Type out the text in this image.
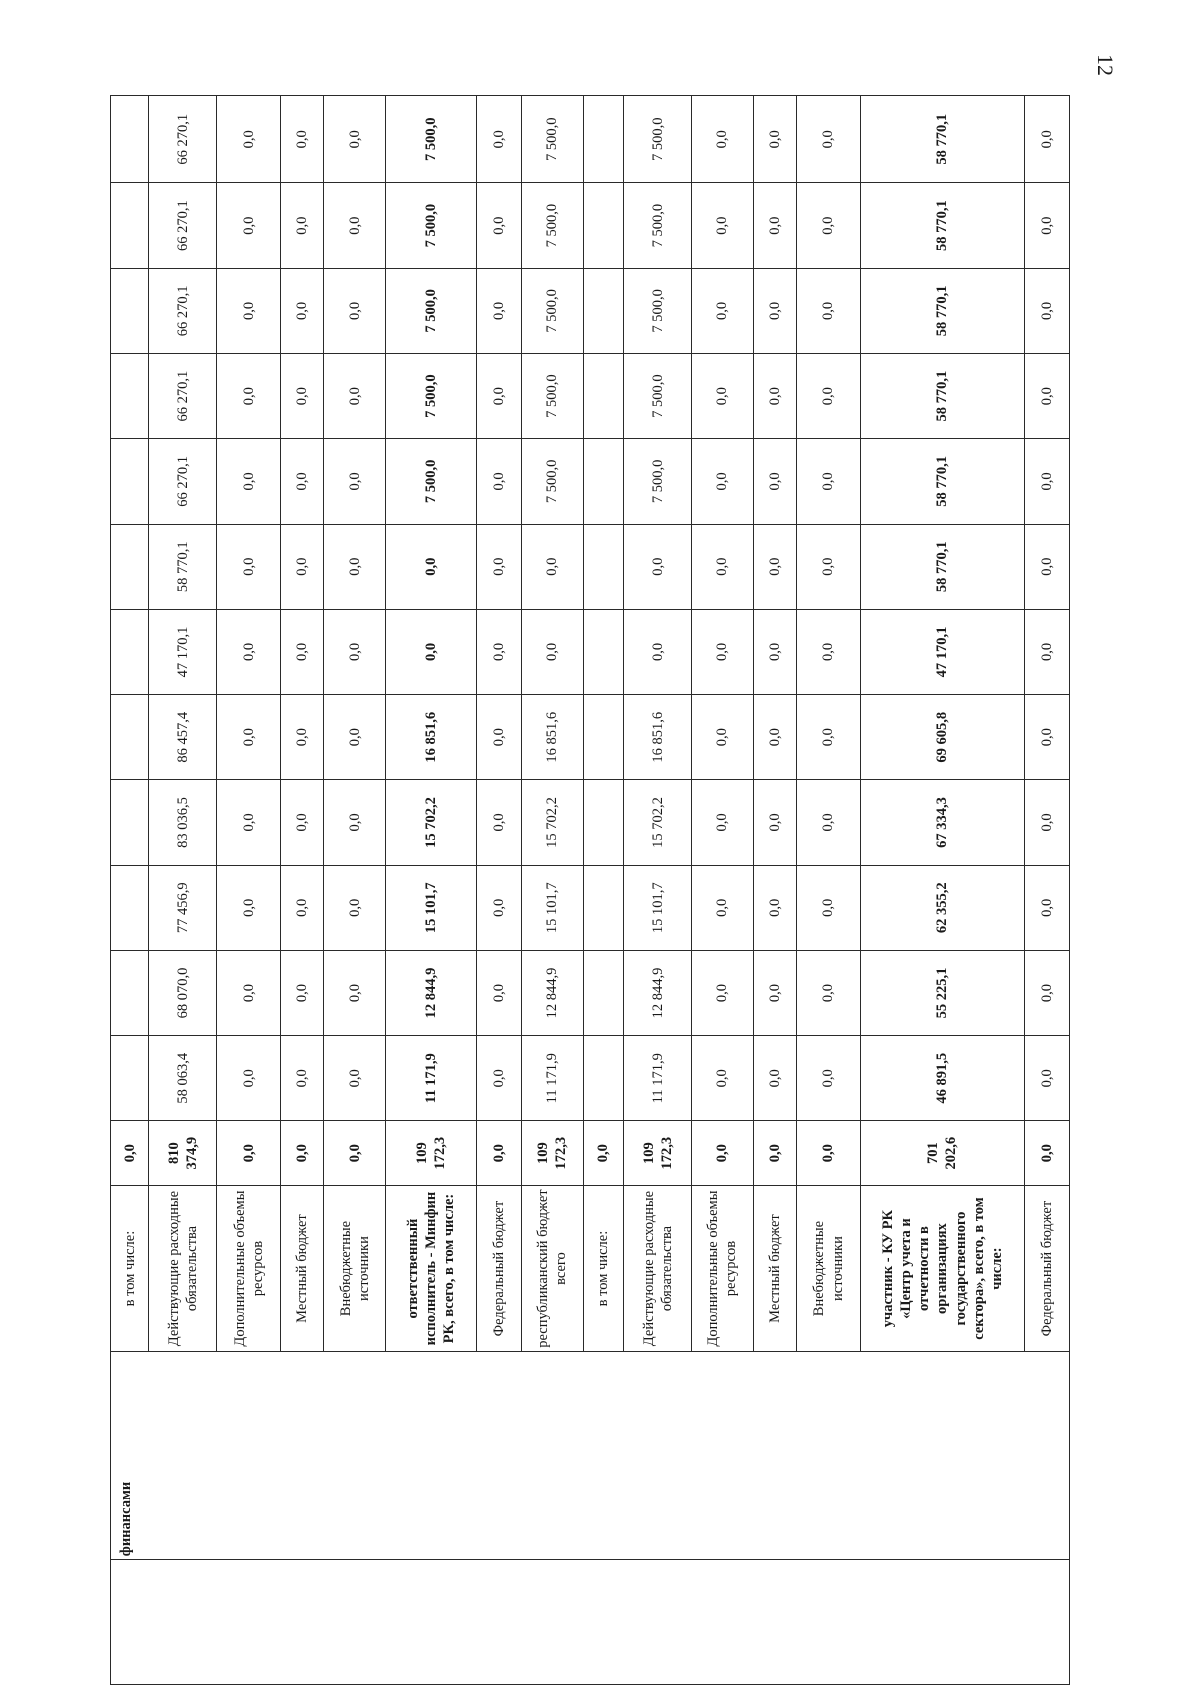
12
	финансами	в том числе:	0,0												
		Действующие расходные обязательства	810 374,9	58 063,4	68 070,0	77 456,9	83 036,5	86 457,4	47 170,1	58 770,1	66 270,1	66 270,1	66 270,1	66 270,1	66 270,1
		Дополнительные объемы ресурсов	0,0	0,0	0,0	0,0	0,0	0,0	0,0	0,0	0,0	0,0	0,0	0,0	0,0
		Местный бюджет	0,0	0,0	0,0	0,0	0,0	0,0	0,0	0,0	0,0	0,0	0,0	0,0	0,0
		Внебюджетные источники	0,0	0,0	0,0	0,0	0,0	0,0	0,0	0,0	0,0	0,0	0,0	0,0	0,0
		ответственный исполнитель - Минфин РК, всего, в том числе:	109 172,3	11 171,9	12 844,9	15 101,7	15 702,2	16 851,6	0,0	0,0	7 500,0	7 500,0	7 500,0	7 500,0	7 500,0
		Федеральный бюджет	0,0	0,0	0,0	0,0	0,0	0,0	0,0	0,0	0,0	0,0	0,0	0,0	0,0
		республиканский бюджет всего	109 172,3	11 171,9	12 844,9	15 101,7	15 702,2	16 851,6	0,0	0,0	7 500,0	7 500,0	7 500,0	7 500,0	7 500,0
		в том числе:	0,0												
		Действующие расходные обязательства	109 172,3	11 171,9	12 844,9	15 101,7	15 702,2	16 851,6	0,0	0,0	7 500,0	7 500,0	7 500,0	7 500,0	7 500,0
		Дополнительные объемы ресурсов	0,0	0,0	0,0	0,0	0,0	0,0	0,0	0,0	0,0	0,0	0,0	0,0	0,0
		Местный бюджет	0,0	0,0	0,0	0,0	0,0	0,0	0,0	0,0	0,0	0,0	0,0	0,0	0,0
		Внебюджетные источники	0,0	0,0	0,0	0,0	0,0	0,0	0,0	0,0	0,0	0,0	0,0	0,0	0,0
		участник - КУ РК «Центр учета и отчетности в организациях государственного сектора», всего, в том числе:	701 202,6	46 891,5	55 225,1	62 355,2	67 334,3	69 605,8	47 170,1	58 770,1	58 770,1	58 770,1	58 770,1	58 770,1	58 770,1
		Федеральный бюджет	0,0	0,0	0,0	0,0	0,0	0,0	0,0	0,0	0,0	0,0	0,0	0,0	0,0
